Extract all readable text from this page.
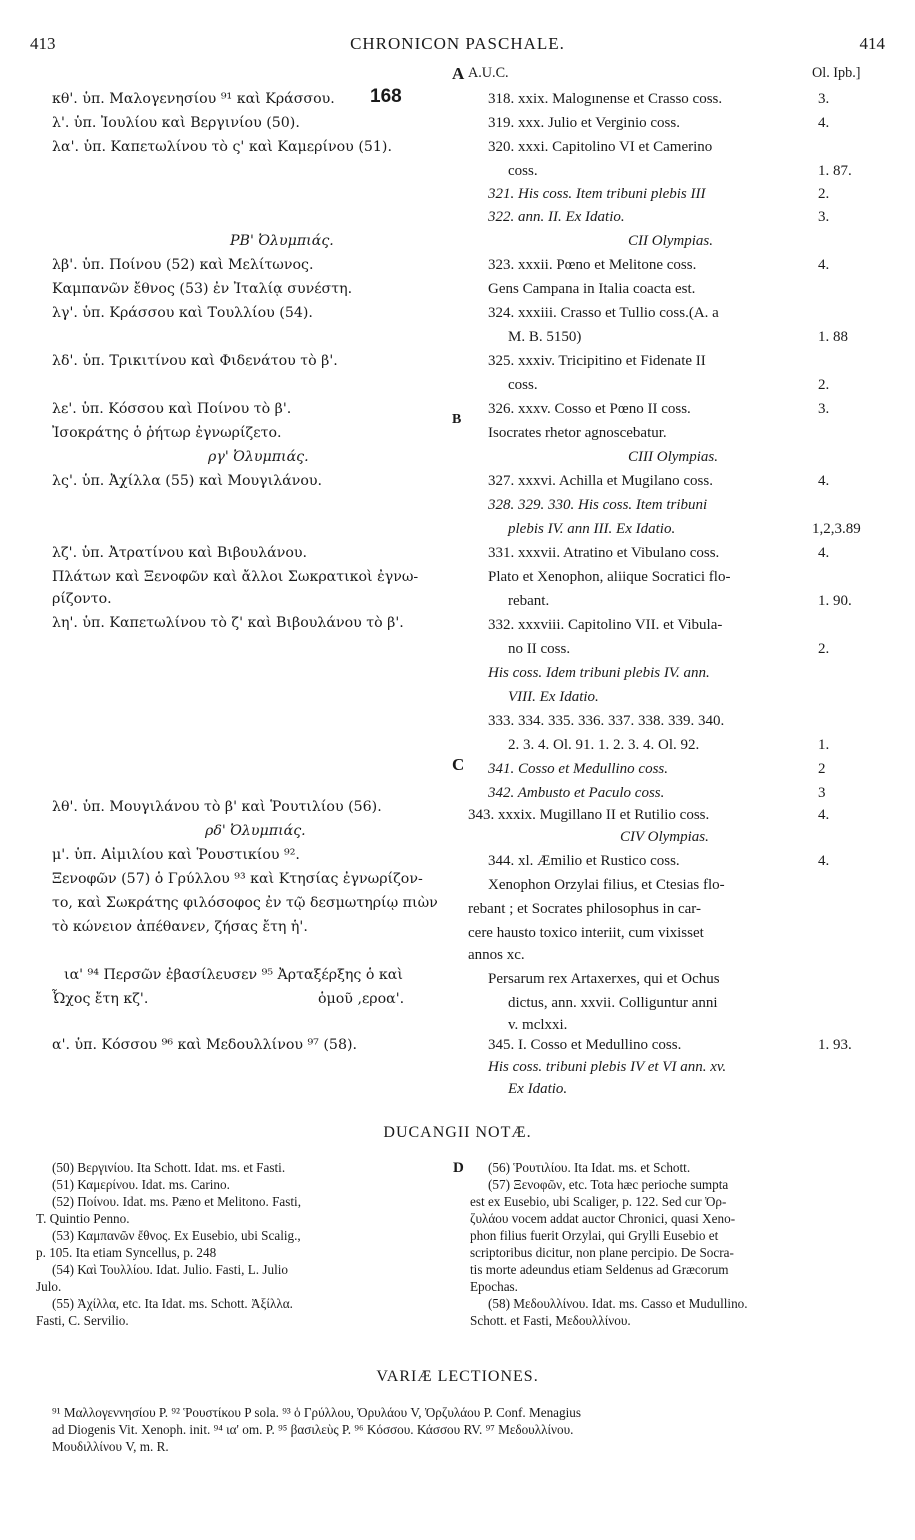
413	CHRONICON PASCHALE.	414
A
B
C
D
A.U.C.	Ol. Ipb.]
κθ'. ὑπ. Μαλογενησίου ⁹¹ καὶ Κράσσου. 168
λ'. ὑπ. Ἰουλίου καὶ Βεργινίου (50).
λα'. ὑπ. Καπετωλίνου τὸ ς' καὶ Καμερίνου (51).
ΡΒ' Ὀλυμπιάς.
λβ'. ὑπ. Ποίνου (52) καὶ Μελίτωνος.
Καμπανῶν ἔθνος (53) ἐν Ἰταλίᾳ συνέστη.
λγ'. ὑπ. Κράσσου καὶ Τουλλίου (54).
λδ'. ὑπ. Τρικιτίνου καὶ Φιδενάτου τὸ β'.
λε'. ὑπ. Κόσσου καὶ Ποίνου τὸ β'.
Ἰσοκράτης ὁ ῥήτωρ ἐγνωρίζετο.
ργ' Ὀλυμπιάς.
λς'. ὑπ. Ἀχίλλα (55) καὶ Μουγιλάνου.
λζ'. ὑπ. Ἀτρατίνου καὶ Βιβουλάνου.
Πλάτων καὶ Ξενοφῶν καὶ ἄλλοι Σωκρατικοὶ ἐγνω-
ρίζοντο.
λη'. ὑπ. Καπετωλίνου τὸ ζ' καὶ Βιβουλάνου τὸ β'.
λθ'. ὑπ. Μουγιλάνου τὸ β' καὶ Ῥουτιλίου (56).
ρδ' Ὀλυμπιάς.
μ'. ὑπ. Αἰμιλίου καὶ Ῥουστικίου ⁹².
Ξενοφῶν (57) ὁ Γρύλλου ⁹³ καὶ Κτησίας ἐγνωρίζον-
το, καὶ Σωκράτης φιλόσοφος ἐν τῷ δεσμωτηρίῳ πιὼν
τὸ κώνειον ἀπέθανεν, ζήσας ἔτη ἡ'.
ια' ⁹⁴ Περσῶν ἐβασίλευσεν ⁹⁵ Ἀρταξέρξης ὁ καὶ
Ὦχος ἔτη κζ'.	ὁμοῦ ,εροα'.
α'. ὑπ. Κόσσου ⁹⁶ καὶ Μεδουλλίνου ⁹⁷ (58).
318. xxix. Malogınense et Crasso coss.	3.
319. xxx. Julio et Verginio coss.	4.
320. xxxi. Capitolino VI et Camerino
coss.	1. 87.
321. His coss. Item tribuni plebis III	2.
322. ann. II. Ex Idatio.	3.
CII Olympias.
323. xxxii. Pœno et Melitone coss.	4.
Gens Campana in Italia coacta est.
324. xxxiii. Crasso et Tullio coss.(A. a
M. B. 5150)	1. 88
325. xxxiv. Tricipitino et Fidenate II
coss.	2.
326. xxxv. Cosso et Pœno II coss.	3.
Isocrates rhetor agnoscebatur.
CIII Olympias.
327. xxxvi. Achilla et Mugilano coss.	4.
328. 329. 330. His coss. Item tribuni
plebis IV. ann III. Ex Idatio.	1,2,3.89
331. xxxvii. Atratino et Vibulano coss.	4.
Plato et Xenophon, aliique Socratici flo-
rebant.	1. 90.
332. xxxviii. Capitolino VII. et Vibula-
no II coss.	2.
His coss. Idem tribuni plebis IV. ann.
VIII. Ex Idatio.
333. 334. 335. 336. 337. 338. 339. 340.
2. 3. 4. Ol. 91. 1. 2. 3. 4. Ol. 92.	1.
341. Cosso et Medullino coss.	2
342. Ambusto et Paculo coss.	3
343. xxxix. Mugillano II et Rutilio coss.	4.
CIV Olympias.
344. xl. Æmilio et Rustico coss.	4.
Xenophon Orzylai filius, et Ctesias flo-
rebant ; et Socrates philosophus in car-
cere hausto toxico interiit, cum vixisset
annos xc.
Persarum rex Artaxerxes, qui et Ochus
dictus, ann. xxvii. Colliguntur anni
v. mclxxi.
345. I. Cosso et Medullino coss.	1. 93.
His coss. tribuni plebis IV et VI ann. xv.
Ex Idatio.
DUCANGII NOTÆ.
(50) Βεργινίου. Ita Schott. Idat. ms. et Fasti.
(51) Καμερίνου. Idat. ms. Carino.
(52) Ποίνου. Idat. ms. Pæno et Melitono. Fasti,
T. Quintio Penno.
(53) Καμπανῶν ἔθνος. Ex Eusebio, ubi Scalig.,
p. 105. Ita etiam Syncellus, p. 248
(54) Καὶ Τουλλίου. Idat. Julio. Fasti, L. Julio
Julo.
(55) Ἀχίλλα, etc. Ita Idat. ms. Schott. Ἀξίλλα.
Fasti, C. Servilio.
(56) Ῥουτιλίου. Ita Idat. ms. et Schott.
(57) Ξενοφῶν, etc. Tota hæc perioche sumpta
est ex Eusebio, ubi Scaliger, p. 122. Sed cur Ὀρ-
ζυλάου vocem addat auctor Chronici, quasi Xeno-
phon filius fuerit Orzylai, qui Grylli Eusebio et
scriptoribus dicitur, non plane percipio. De Socra-
tis morte adeundus etiam Seldenus ad Græcorum
Epochas.
(58) Μεδουλλίνου. Idat. ms. Casso et Mudullino.
Schott. et Fasti, Μεδουλλίνου.
VARIÆ LECTIONES.
⁹¹ Μαλλογεννησίου P. ⁹² Ῥουστίκου P sola. ⁹³ ὁ Γρύλλου, Ὀρυλάου V, Ὀρζυλάου P. Conf. Menagius
ad Diogenis Vit. Xenoph. init. ⁹⁴ ια' om. P. ⁹⁵ βασιλεὺς P. ⁹⁶ Κόσσου. Κάσσου RV. ⁹⁷ Μεδουλλίνου.
Μουδιλλίνου V, m. R.
